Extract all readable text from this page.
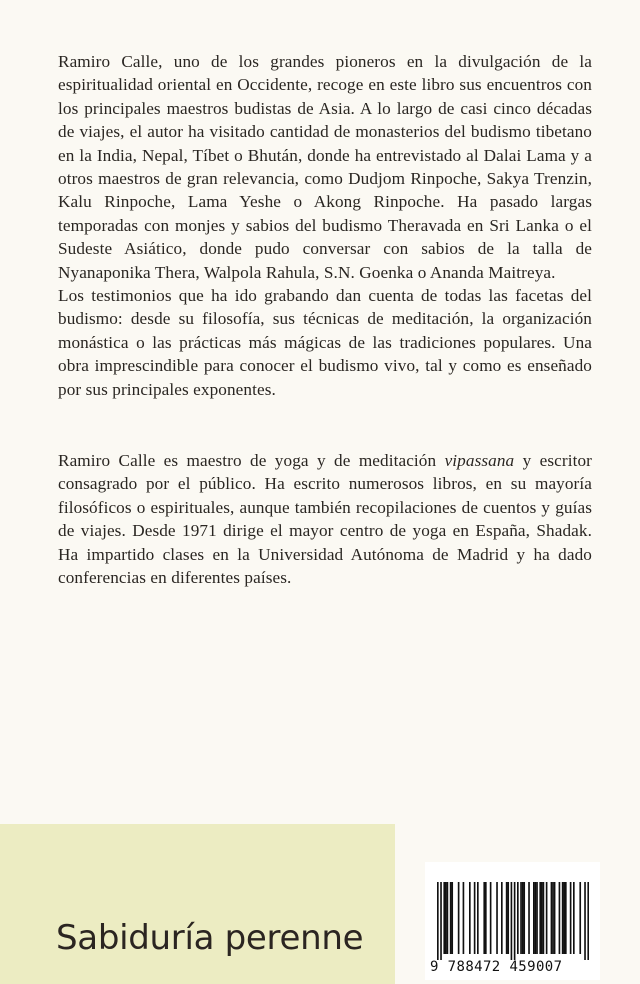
Ramiro Calle, uno de los grandes pioneros en la divulgación de la espiritualidad oriental en Occidente, recoge en este libro sus encuentros con los principales maestros budistas de Asia. A lo largo de casi cinco décadas de viajes, el autor ha visitado cantidad de monasterios del budismo tibetano en la India, Nepal, Tíbet o Bhután, donde ha entrevistado al Dalai Lama y a otros maestros de gran relevancia, como Dudjom Rinpoche, Sakya Trenzin, Kalu Rinpoche, Lama Yeshe o Akong Rinpoche. Ha pasado largas temporadas con monjes y sabios del budismo Theravada en Sri Lanka o el Sudeste Asiático, donde pudo conversar con sabios de la talla de Nyanaponika Thera, Walpola Rahula, S.N. Goenka o Ananda Maitreya.

Los testimonios que ha ido grabando dan cuenta de todas las facetas del budismo: desde su filosofía, sus técnicas de meditación, la organización monástica o las prácticas más mágicas de las tradiciones populares. Una obra imprescindible para conocer el budismo vivo, tal y como es enseñado por sus principales exponentes.

Ramiro Calle es maestro de yoga y de meditación vipassana y escritor consagrado por el público. Ha escrito numerosos libros, en su mayoría filosóficos o espirituales, aunque también recopilaciones de cuentos y guías de viajes. Desde 1971 dirige el mayor centro de yoga en España, Shadak. Ha impartido clases en la Universidad Autónoma de Madrid y ha dado conferencias en diferentes países.

Sabiduría perenne
9 788472 459007
